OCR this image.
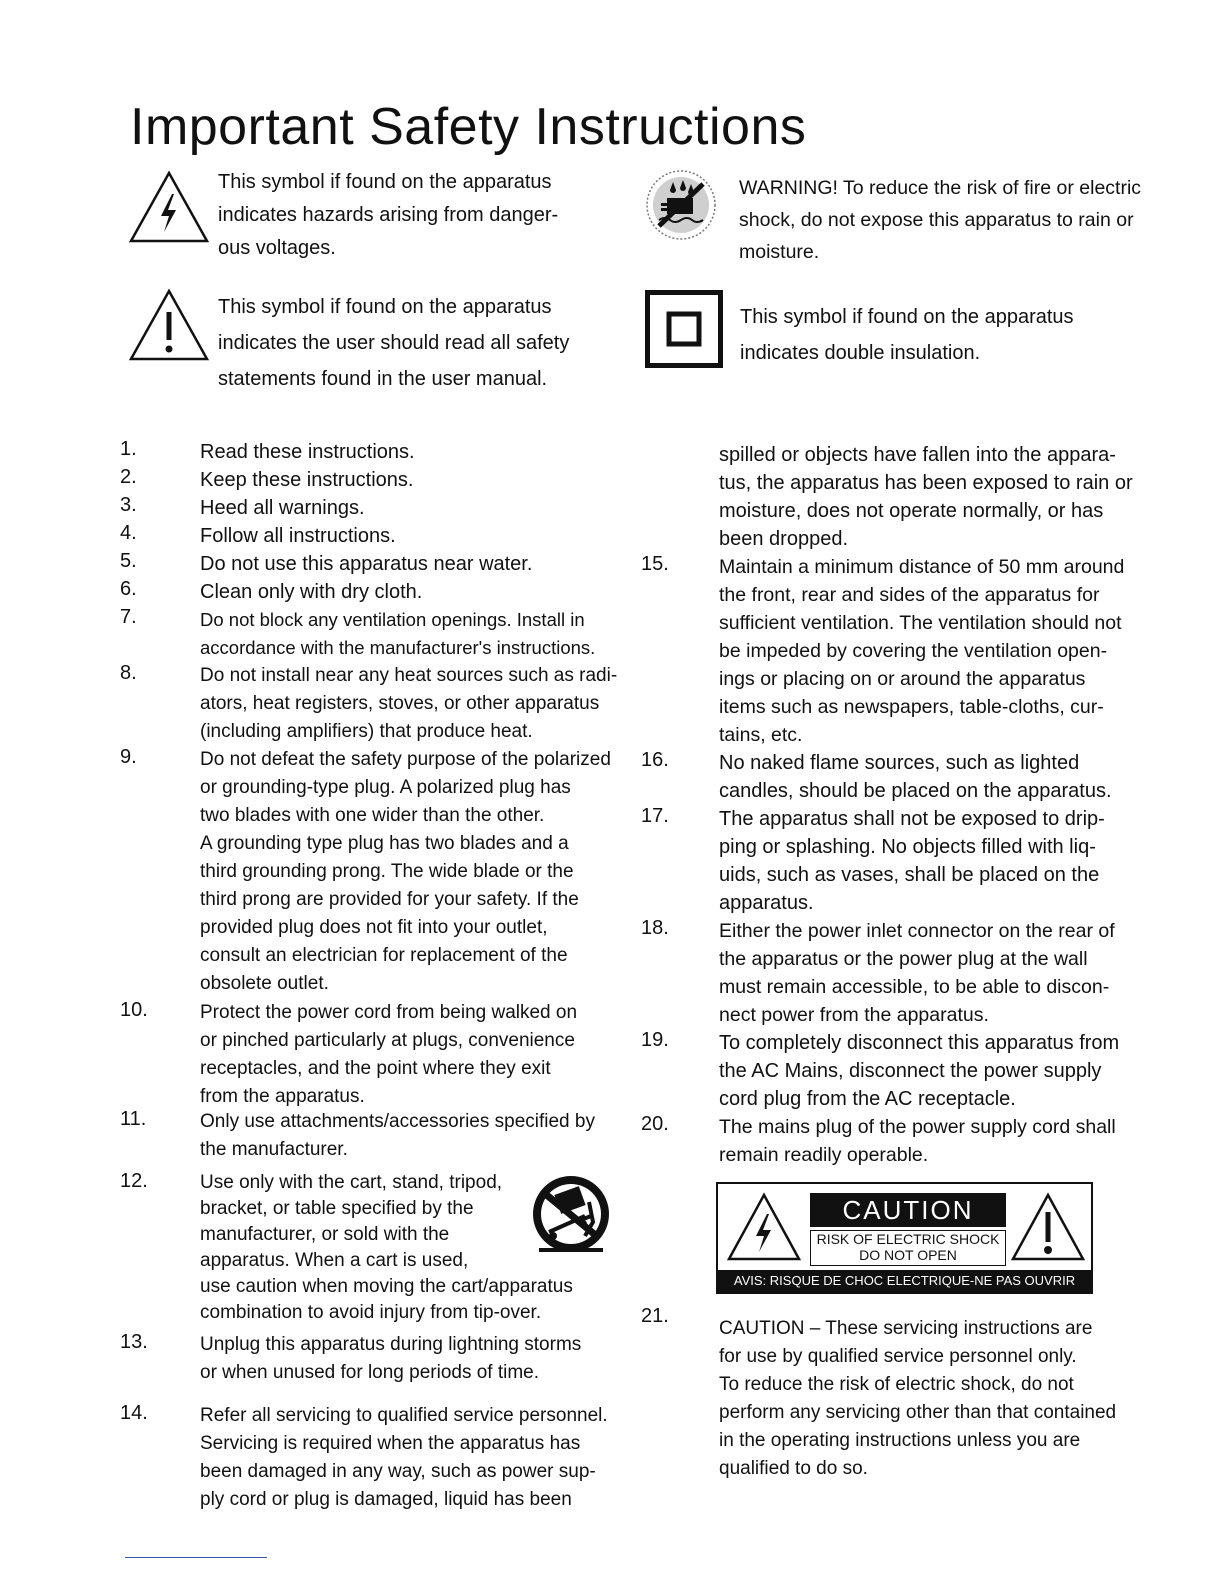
Important Safety Instructions
This symbol if found on the apparatus
indicates hazards arising from danger-
ous voltages.
This symbol if found on the apparatus
indicates the user should read all safety
statements found in the user manual.
WARNING! To reduce the risk of fire or electric
shock, do not expose this apparatus to rain or
moisture.
This symbol if found on the apparatus
indicates double insulation.
1.	Read these instructions.
2.	Keep these instructions.
3.	Heed all warnings.
4.	Follow all instructions.
5.	Do not use this apparatus near water.
6.	Clean only with dry cloth.
7.	Do not block any ventilation openings. Install in
accordance with the manufacturer's instructions.
8.	Do not install near any heat sources such as radi-
ators, heat registers, stoves, or other apparatus
(including amplifiers) that produce heat.
9.	Do not defeat the safety purpose of the polarized
or grounding-type plug. A polarized plug has
two blades with one wider than the other.
A grounding type plug has two blades and a
third grounding prong. The wide blade or the
third prong are provided for your safety. If the
provided plug does not fit into your outlet,
consult an electrician for replacement of the
obsolete outlet.
10.	Protect the power cord from being walked on
or pinched particularly at plugs, convenience
receptacles, and the point where they exit
from the apparatus.
11.	Only use attachments/accessories specified by
the manufacturer.
12.	Use only with the cart, stand, tripod,
bracket, or table specified by the
manufacturer, or sold with the
apparatus. When a cart is used,
use caution when moving the cart/apparatus
combination to avoid injury from tip-over.
13.	Unplug this apparatus during lightning storms
or when unused for long periods of time.
14.	Refer all servicing to qualified service personnel.
Servicing is required when the apparatus has
been damaged in any way, such as power sup-
ply cord or plug is damaged, liquid has been
spilled or objects have fallen into the appara-
tus, the apparatus has been exposed to rain or
moisture, does not operate normally, or has
been dropped.
15.	Maintain a minimum distance of 50 mm around
the front, rear and sides of the apparatus for
sufficient ventilation. The ventilation should not
be impeded by covering the ventilation open-
ings or placing on or around the apparatus
items such as newspapers, table-cloths, cur-
tains, etc.
16.	No naked flame sources, such as lighted
candles, should be placed on the apparatus.
17.	The apparatus shall not be exposed to drip-
ping or splashing. No objects filled with liq-
uids, such as vases, shall be placed on the
apparatus.
18.	Either the power inlet connector on the rear of
the apparatus or the power plug at the wall
must remain accessible, to be able to discon-
nect power from the apparatus.
19.	To completely disconnect this apparatus from
the AC Mains, disconnect the power supply
cord plug from the AC receptacle.
20.	The mains plug of the power supply cord shall
remain readily operable.
21.
CAUTION – These servicing instructions are
for use by qualified service personnel only.
To reduce the risk of electric shock, do not
perform any servicing other than that contained
in the operating instructions unless you are
qualified to do so.
CAUTION
RISK OF ELECTRIC SHOCK
DO NOT OPEN
AVIS: RISQUE DE CHOC ELECTRIQUE-NE PAS OUVRIR
